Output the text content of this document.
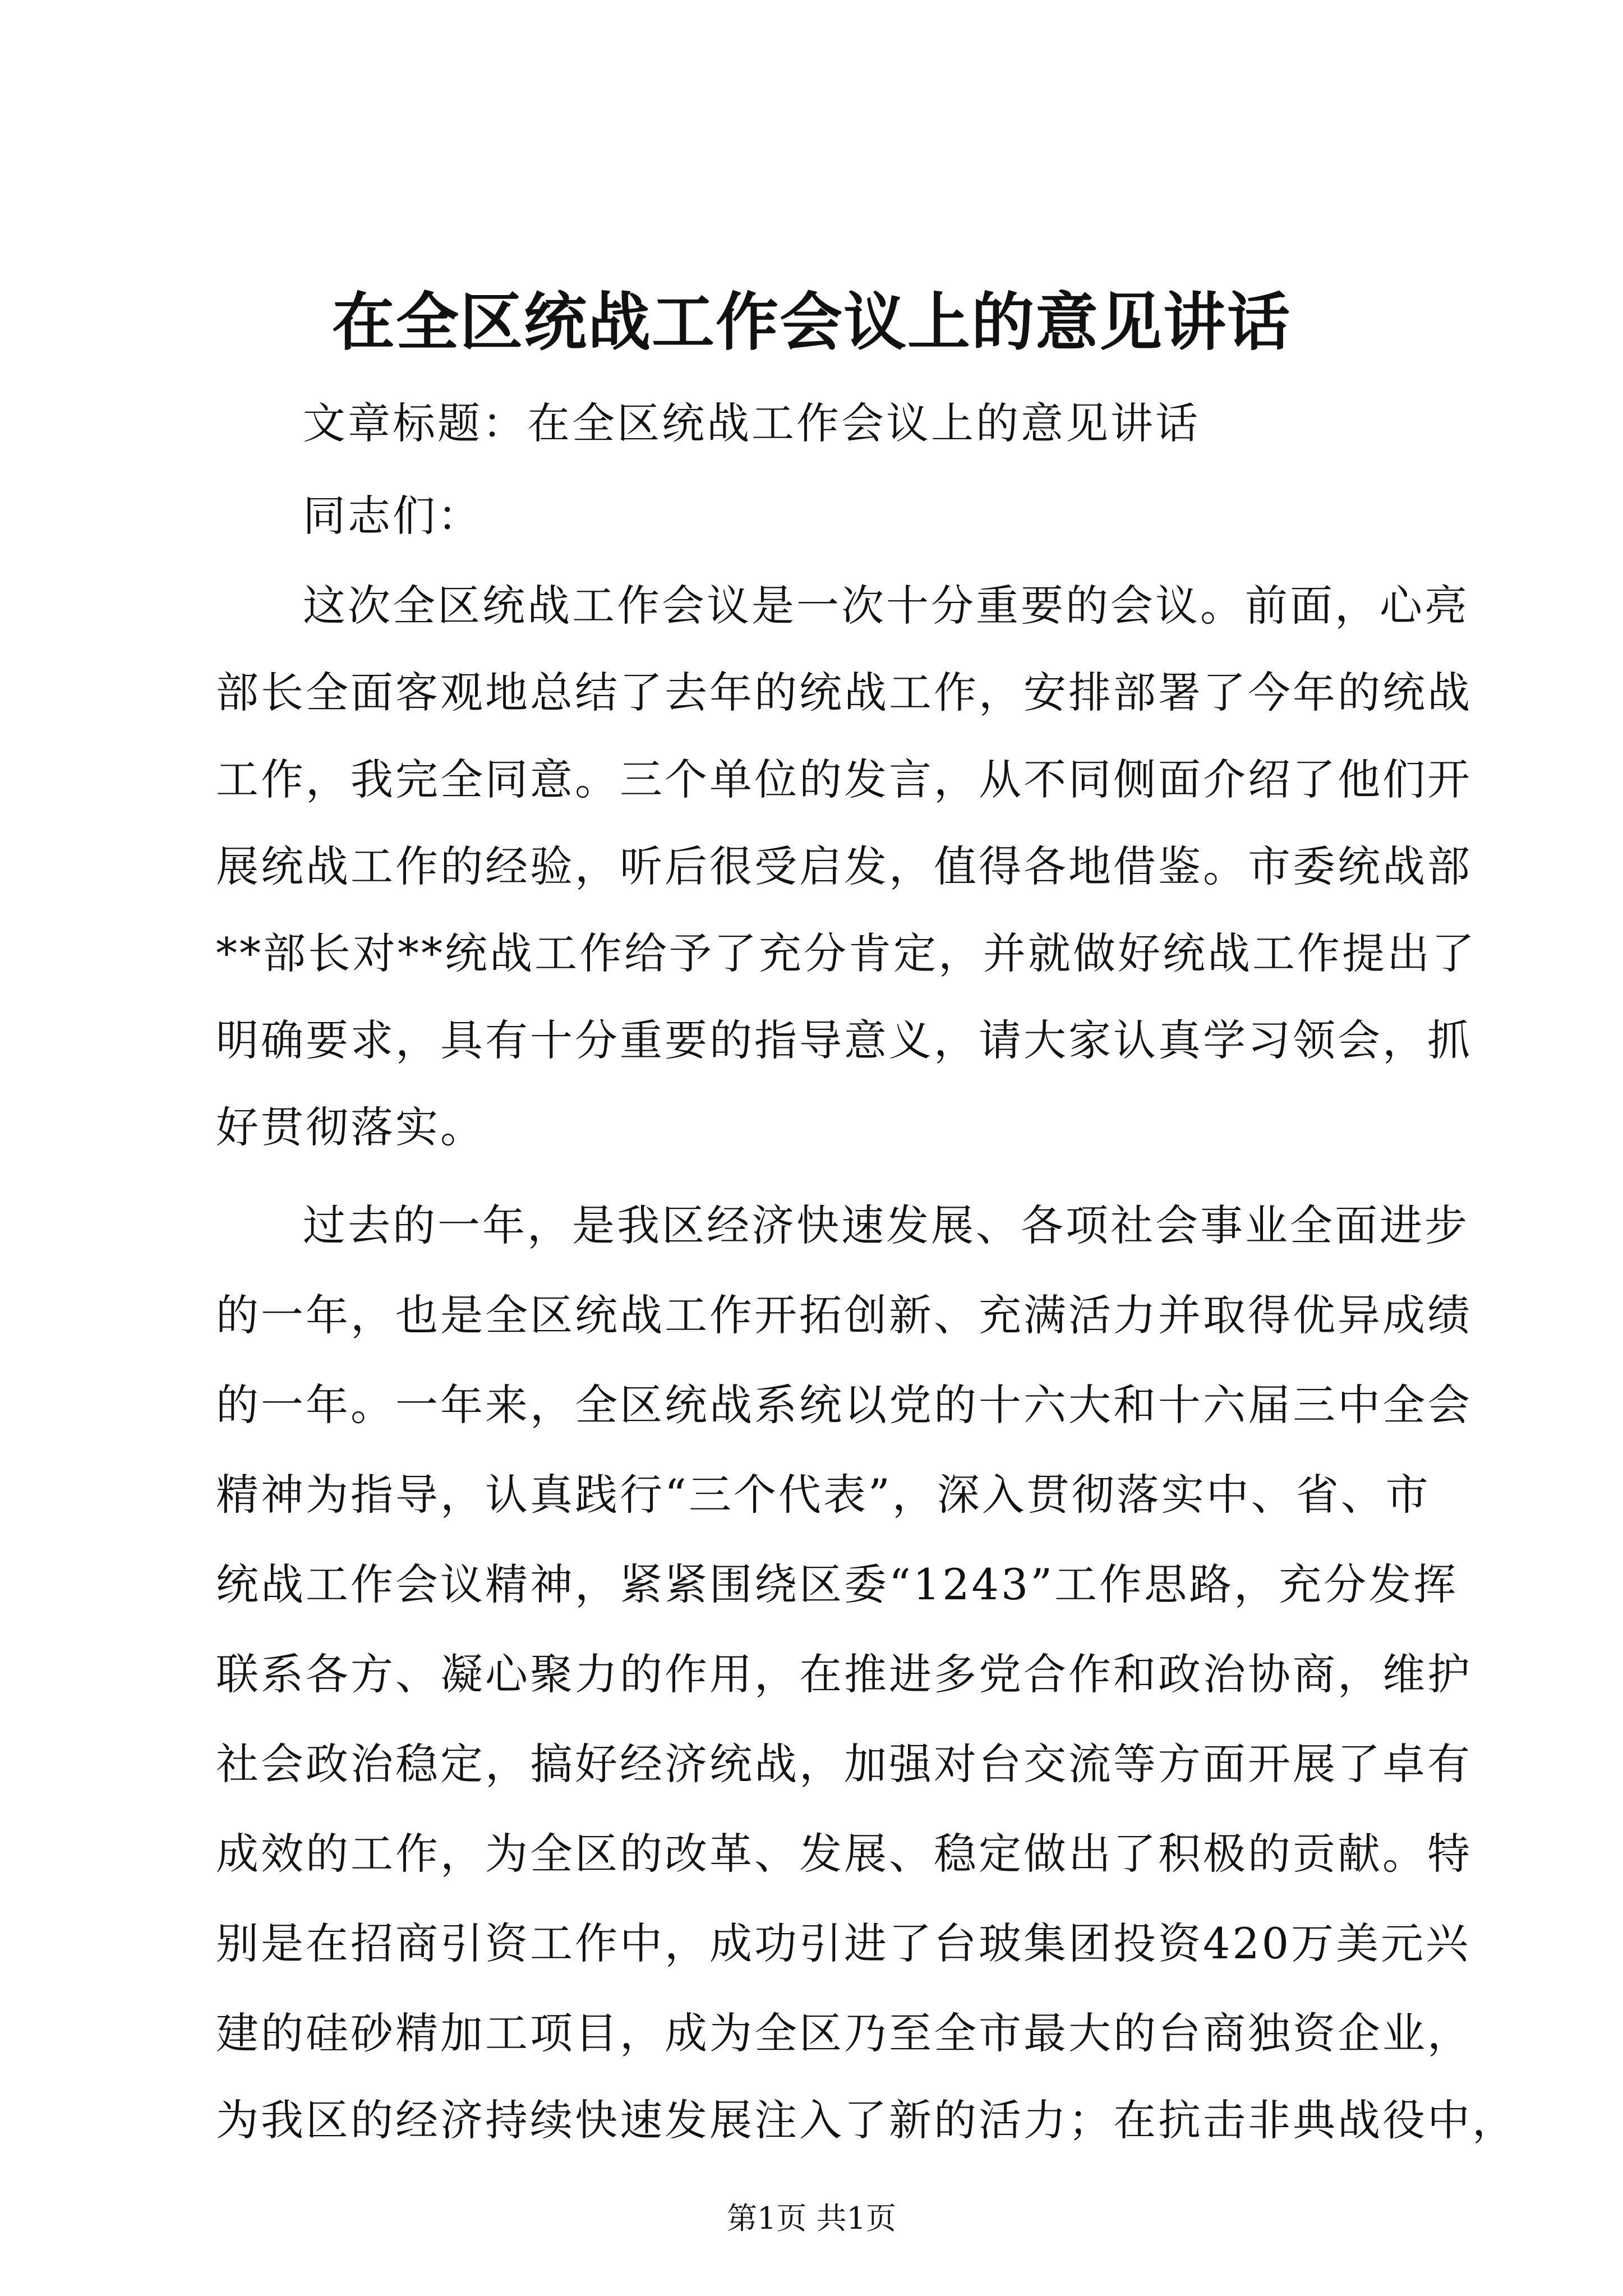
在全区统战工作会议上的意见讲话

文章标题：在全区统战工作会议上的意见讲话

同志们：

这次全区统战工作会议是一次十分重要的会议。前面，心亮

部长全面客观地总结了去年的统战工作，安排部署了今年的统战

工作，我完全同意。三个单位的发言，从不同侧面介绍了他们开

展统战工作的经验，听后很受启发，值得各地借鉴。市委统战部

**部长对**统战工作给予了充分肯定，并就做好统战工作提出了

明确要求，具有十分重要的指导意义，请大家认真学习领会，抓

好贯彻落实。

过去的一年，是我区经济快速发展、各项社会事业全面进步

的一年，也是全区统战工作开拓创新、充满活力并取得优异成绩

的一年。一年来，全区统战系统以党的十六大和十六届三中全会

精神为指导，认真践行“三个代表”，深入贯彻落实中、省、市

统战工作会议精神，紧紧围绕区委“1243”工作思路，充分发挥

联系各方、凝心聚力的作用，在推进多党合作和政治协商，维护

社会政治稳定，搞好经济统战，加强对台交流等方面开展了卓有

成效的工作，为全区的改革、发展、稳定做出了积极的贡献。特

别是在招商引资工作中，成功引进了台玻集团投资420万美元兴

建的硅砂精加工项目，成为全区乃至全市最大的台商独资企业，

为我区的经济持续快速发展注入了新的活力；在抗击非典战役中，

第1页 共1页
